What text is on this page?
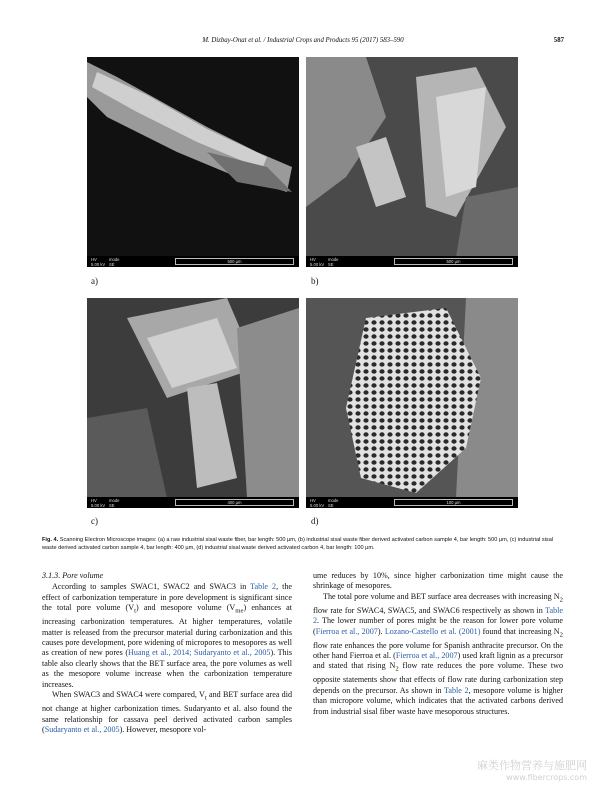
M. Dizbay-Onat et al. / Industrial Crops and Products 95 (2017) 583–590	587
HV
5.00 kV
mode
SE	500 µm
a)
HV
5.00 kV
mode
SE	500 µm
b)
HV
5.00 kV
mode
SE	400 µm
c)
HV
5.00 kV
mode
SE	100 µm
d)
Fig. 4. Scanning Electron Microscope images: (a) a raw industrial sisal waste fiber, bar length: 500 µm, (b) industrial sisal waste fiber derived activated carbon sample 4, bar length: 500 µm, (c) industrial sisal waste derived activated carbon sample 4, bar length: 400 µm, (d) industrial sisal waste derived activated carbon 4, bar length: 100 µm.

3.1.3. Pore volume

According to samples SWAC1, SWAC2 and SWAC3 in Table 2, the effect of carbonization temperature in pore development is significant since the total pore volume $(V_t)$ and mesopore volume $(V_{me})$ enhances at increasing carbonization temperatures. At higher temperatures, volatile matter is released from the precursor material during carbonization and this causes pore development, pore widening of micropores to mesopores as well as creation of new pores (Huang et al., 2014; Sudaryanto et al., 2005). This table also clearly shows that the BET surface area, the pore volumes as well as the mesopore volume increase when the carbonization temperature increases.

When SWAC3 and SWAC4 were compared, $V_t$ and BET surface area did not change at higher carbonization times. Sudaryanto et al. also found the same relationship for cassava peel derived activated carbon samples (Sudaryanto et al., 2005). However, mesopore vol-

ume reduces by 10%, since higher carbonization time might cause the shrinkage of mesopores.

The total pore volume and BET surface area decreases with increasing $N_2$ flow rate for SWAC4, SWAC5, and SWAC6 respectively as shown in Table 2. The lower number of pores might be the reason for lower pore volume (Fierroa et al., 2007). Lozano-Castello et al. (2001) found that increasing $N_2$ flow rate enhances the pore volume for Spanish anthracite precursor. On the other hand Fierroa et al. (Fierroa et al., 2007) used kraft lignin as a precursor and stated that rising $N_2$ flow rate reduces the pore volume. These two opposite statements show that effects of flow rate during carbonization step depends on the precursor. As shown in Table 2, mesopore volume is higher than micropore volume, which indicates that the activated carbons derived from industrial sisal fiber waste have mesoporous structures.

麻类作物营养与施肥网
www.fibercrops.com
